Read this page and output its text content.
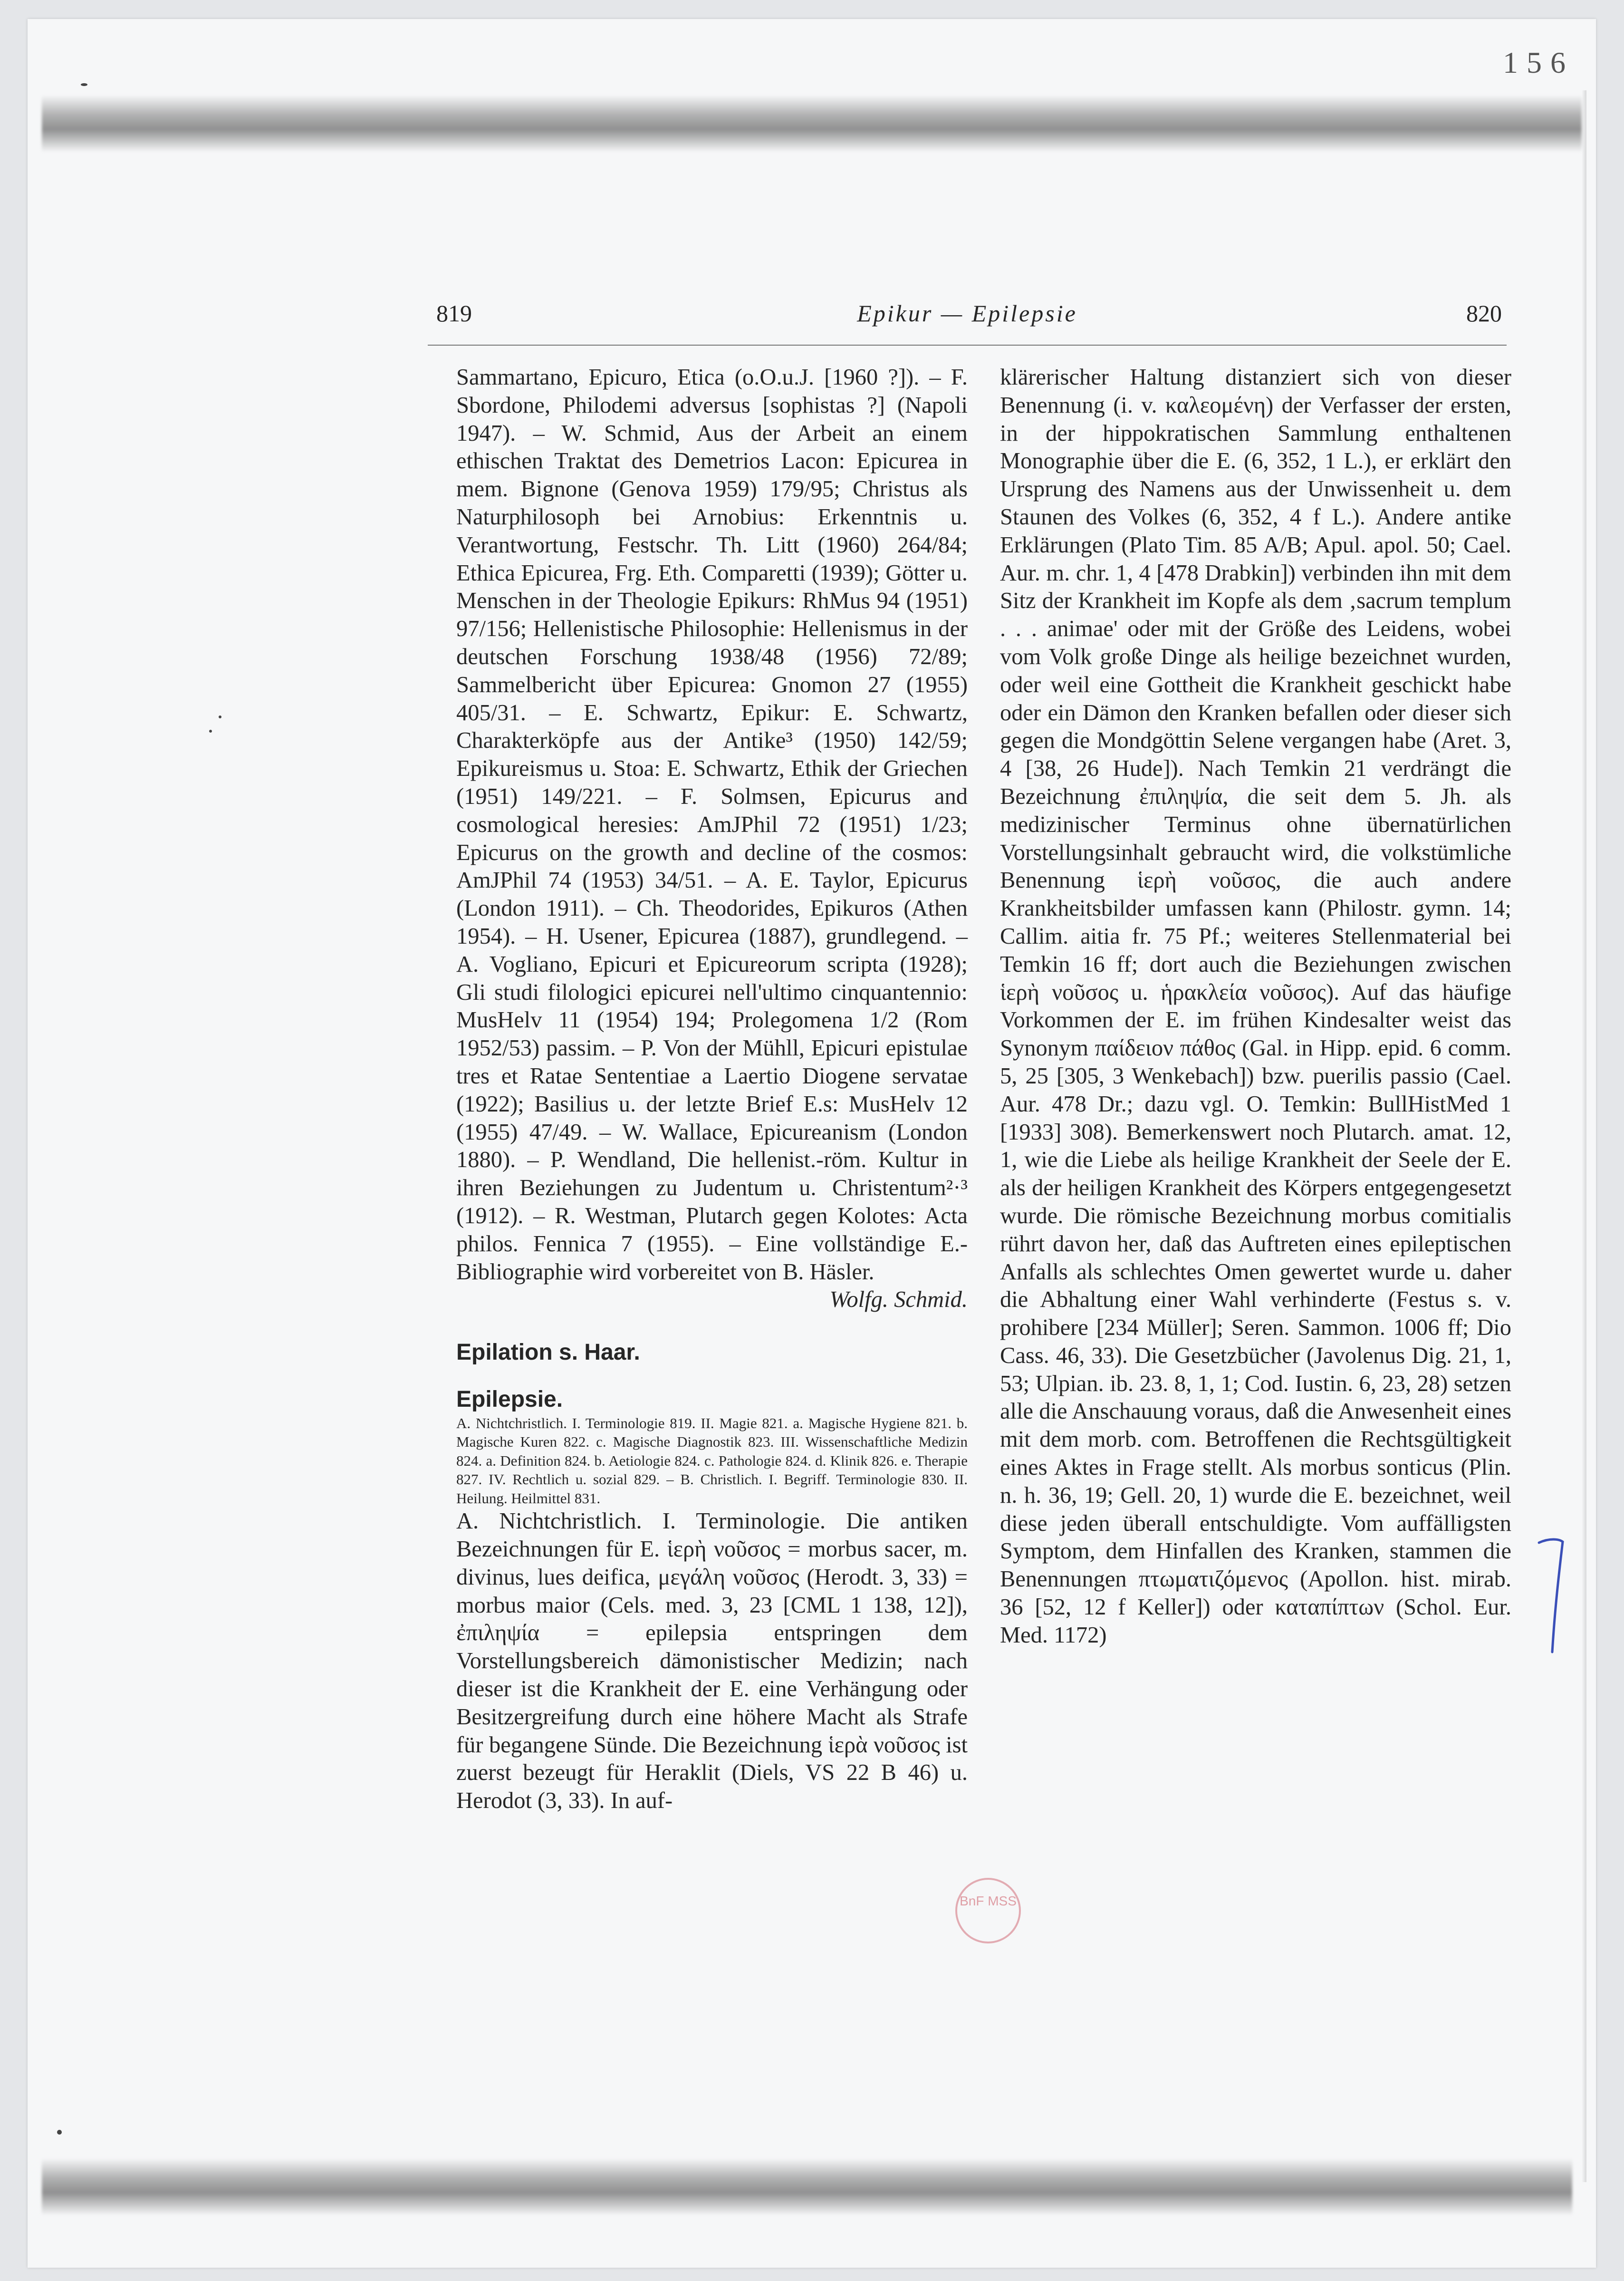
156
819	Epikur — Epilepsie	820

Sammartano, Epicuro, Etica (o.O.u.J. [1960 ?]). – F. Sbordone, Philodemi adversus [sophistas ?] (Napoli 1947). – W. Schmid, Aus der Arbeit an einem ethischen Traktat des Demetrios Lacon: Epicurea in mem. Bignone (Genova 1959) 179/95; Christus als Naturphilosoph bei Arnobius: Erkenntnis u. Verantwortung, Festschr. Th. Litt (1960) 264/84; Ethica Epicurea, Frg. Eth. Comparetti (1939); Götter u. Menschen in der Theologie Epikurs: RhMus 94 (1951) 97/156; Hellenistische Philosophie: Hellenismus in der deutschen Forschung 1938/48 (1956) 72/89; Sammelbericht über Epicurea: Gnomon 27 (1955) 405/31. – E. Schwartz, Epikur: E. Schwartz, Charakterköpfe aus der Antike³ (1950) 142/59; Epikureismus u. Stoa: E. Schwartz, Ethik der Griechen (1951) 149/221. – F. Solmsen, Epicurus and cosmological heresies: AmJPhil 72 (1951) 1/23; Epicurus on the growth and decline of the cosmos: AmJPhil 74 (1953) 34/51. – A. E. Taylor, Epicurus (London 1911). – Ch. Theodorides, Epikuros (Athen 1954). – H. Usener, Epicurea (1887), grundlegend. – A. Vogliano, Epicuri et Epicureorum scripta (1928); Gli studi filologici epicurei nell'ultimo cinquantennio: MusHelv 11 (1954) 194; Prolegomena 1/2 (Rom 1952/53) passim. – P. Von der Mühll, Epicuri epistulae tres et Ratae Sententiae a Laertio Diogene servatae (1922); Basilius u. der letzte Brief E.s: MusHelv 12 (1955) 47/49. – W. Wallace, Epicureanism (London 1880). – P. Wendland, Die hellenist.-röm. Kultur in ihren Beziehungen zu Judentum u. Christentum²·³ (1912). – R. Westman, Plutarch gegen Kolotes: Acta philos. Fennica 7 (1955). – Eine vollständige E.-Bibliographie wird vorbereitet von B. Häsler.

Wolfg. Schmid.

Epilation s. Haar.

Epilepsie.

A. Nichtchristlich. I. Terminologie 819. II. Magie 821. a. Magische Hygiene 821. b. Magische Kuren 822. c. Magische Diagnostik 823. III. Wissenschaftliche Medizin 824. a. Definition 824. b. Aetiologie 824. c. Pathologie 824. d. Klinik 826. e. Therapie 827. IV. Rechtlich u. sozial 829. – B. Christlich. I. Begriff. Terminologie 830. II. Heilung. Heilmittel 831.

A. Nichtchristlich. I. Terminologie. Die antiken Bezeichnungen für E. ἱερὴ νοῦσος = morbus sacer, m. divinus, lues deifica, μεγάλη νοῦσος (Herodt. 3, 33) = morbus maior (Cels. med. 3, 23 [CML 1 138, 12]), ἐπιληψία = epilepsia entspringen dem Vorstellungsbereich dämonistischer Medizin; nach dieser ist die Krankheit der E. eine Verhängung oder Besitzergreifung durch eine höhere Macht als Strafe für begangene Sünde. Die Bezeichnung ἱερὰ νοῦσος ist zuerst bezeugt für Heraklit (Diels, VS 22 B 46) u. Herodot (3, 33). In auf-

klärerischer Haltung distanziert sich von dieser Benennung (i. v. καλεομένη) der Verfasser der ersten, in der hippokratischen Sammlung enthaltenen Monographie über die E. (6, 352, 1 L.), er erklärt den Ursprung des Namens aus der Unwissenheit u. dem Staunen des Volkes (6, 352, 4 f L.). Andere antike Erklärungen (Plato Tim. 85 A/B; Apul. apol. 50; Cael. Aur. m. chr. 1, 4 [478 Drabkin]) verbinden ihn mit dem Sitz der Krankheit im Kopfe als dem ‚sacrum templum . . . animae' oder mit der Größe des Leidens, wobei vom Volk große Dinge als heilige bezeichnet wurden, oder weil eine Gottheit die Krankheit geschickt habe oder ein Dämon den Kranken befallen oder dieser sich gegen die Mondgöttin Selene vergangen habe (Aret. 3, 4 [38, 26 Hude]). Nach Temkin 21 verdrängt die Bezeichnung ἐπιληψία, die seit dem 5. Jh. als medizinischer Terminus ohne übernatürlichen Vorstellungsinhalt gebraucht wird, die volkstümliche Benennung ἱερὴ νοῦσος, die auch andere Krankheitsbilder umfassen kann (Philostr. gymn. 14; Callim. aitia fr. 75 Pf.; weiteres Stellenmaterial bei Temkin 16 ff; dort auch die Beziehungen zwischen ἱερὴ νοῦσος u. ἡρακλεία νοῦσος). Auf das häufige Vorkommen der E. im frühen Kindesalter weist das Synonym παίδειον πάθος (Gal. in Hipp. epid. 6 comm. 5, 25 [305, 3 Wenkebach]) bzw. puerilis passio (Cael. Aur. 478 Dr.; dazu vgl. O. Temkin: BullHistMed 1 [1933] 308). Bemerkenswert noch Plutarch. amat. 12, 1, wie die Liebe als heilige Krankheit der Seele der E. als der heiligen Krankheit des Körpers entgegengesetzt wurde. Die römische Bezeichnung morbus comitialis rührt davon her, daß das Auftreten eines epileptischen Anfalls als schlechtes Omen gewertet wurde u. daher die Abhaltung einer Wahl verhinderte (Festus s. v. prohibere [234 Müller]; Seren. Sammon. 1006 ff; Dio Cass. 46, 33). Die Gesetzbücher (Javolenus Dig. 21, 1, 53; Ulpian. ib. 23. 8, 1, 1; Cod. Iustin. 6, 23, 28) setzen alle die Anschauung voraus, daß die Anwesenheit eines mit dem morb. com. Betroffenen die Rechtsgültigkeit eines Aktes in Frage stellt. Als morbus sonticus (Plin. n. h. 36, 19; Gell. 20, 1) wurde die E. bezeichnet, weil diese jeden überall entschuldigte. Vom auffälligsten Symptom, dem Hinfallen des Kranken, stammen die Benennungen πτωματιζόμενος (Apollon. hist. mirab. 36 [52, 12 f Keller]) oder καταπίπτων (Schol. Eur. Med. 1172)

BnF MSS
